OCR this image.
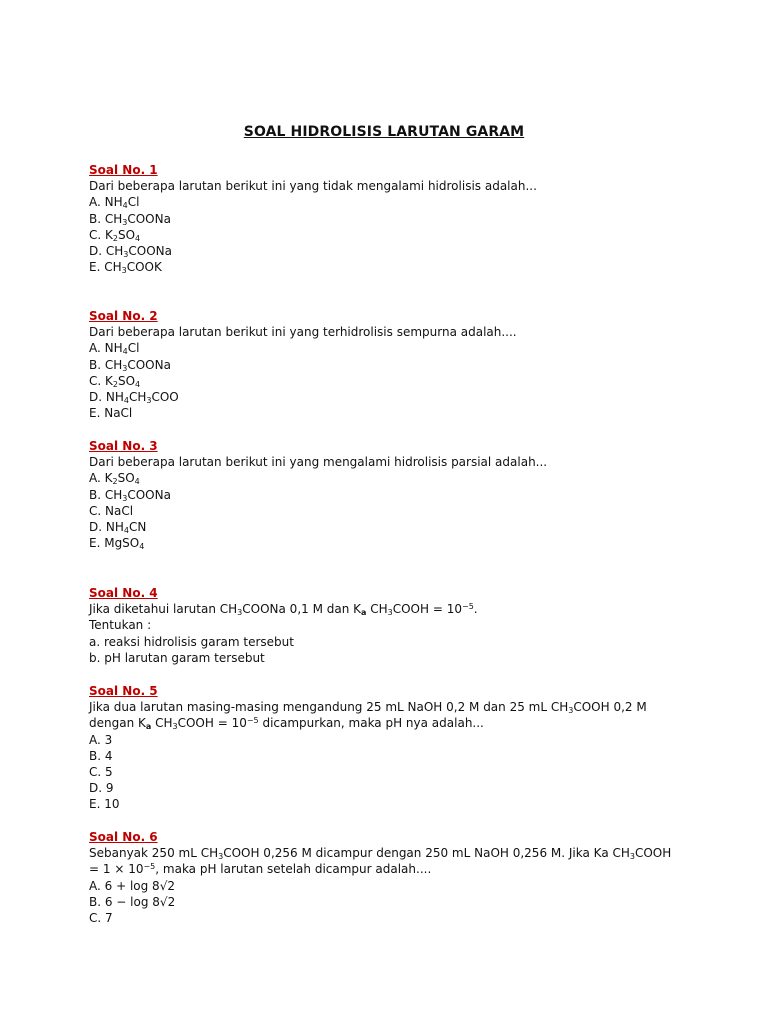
SOAL HIDROLISIS LARUTAN GARAM
Soal No. 1
Dari beberapa larutan berikut ini yang tidak mengalami hidrolisis adalah...
A. $NH_4Cl$
B. $CH_3COONa$
C. $K_2SO_4$
D. $CH_3COONa$
E. $CH_3COOK$
Soal No. 2
Dari beberapa larutan berikut ini yang terhidrolisis sempurna adalah....
A. $NH_4Cl$
B. $CH_3COONa$
C. $K_2SO_4$
D. $NH_4CH_3COO$
E. NaCl
Soal No. 3
Dari beberapa larutan berikut ini yang mengalami hidrolisis parsial adalah...
A. $K_2SO_4$
B. $CH_3COONa$
C. NaCl
D. $NH_4CN$
E. MgSO$_4$
Soal No. 4
Jika diketahui larutan $CH_3COONa$ 0,1 M dan $K_a$ $CH_3COOH = 10^{-5}$.
Tentukan :
a. reaksi hidrolisis garam tersebut
b. pH larutan garam tersebut
Soal No. 5
Jika dua larutan masing-masing mengandung 25 mL NaOH 0,2 M dan 25 mL $CH_3COOH$ 0,2 M
dengan $K_a$ $CH_3COOH = 10^{-5}$ dicampurkan, maka pH nya adalah...
A. 3
B. 4
C. 5
D. 9
E. 10
Soal No. 6
Sebanyak 250 mL $CH_3COOH$ 0,256 M dicampur dengan 250 mL NaOH 0,256 M. Jika Ka $CH_3COOH$
= $1 \times 10^{-5}$, maka pH larutan setelah dicampur adalah....
A. 6 + log 8√2
B. 6 − log 8√2
C. 7
